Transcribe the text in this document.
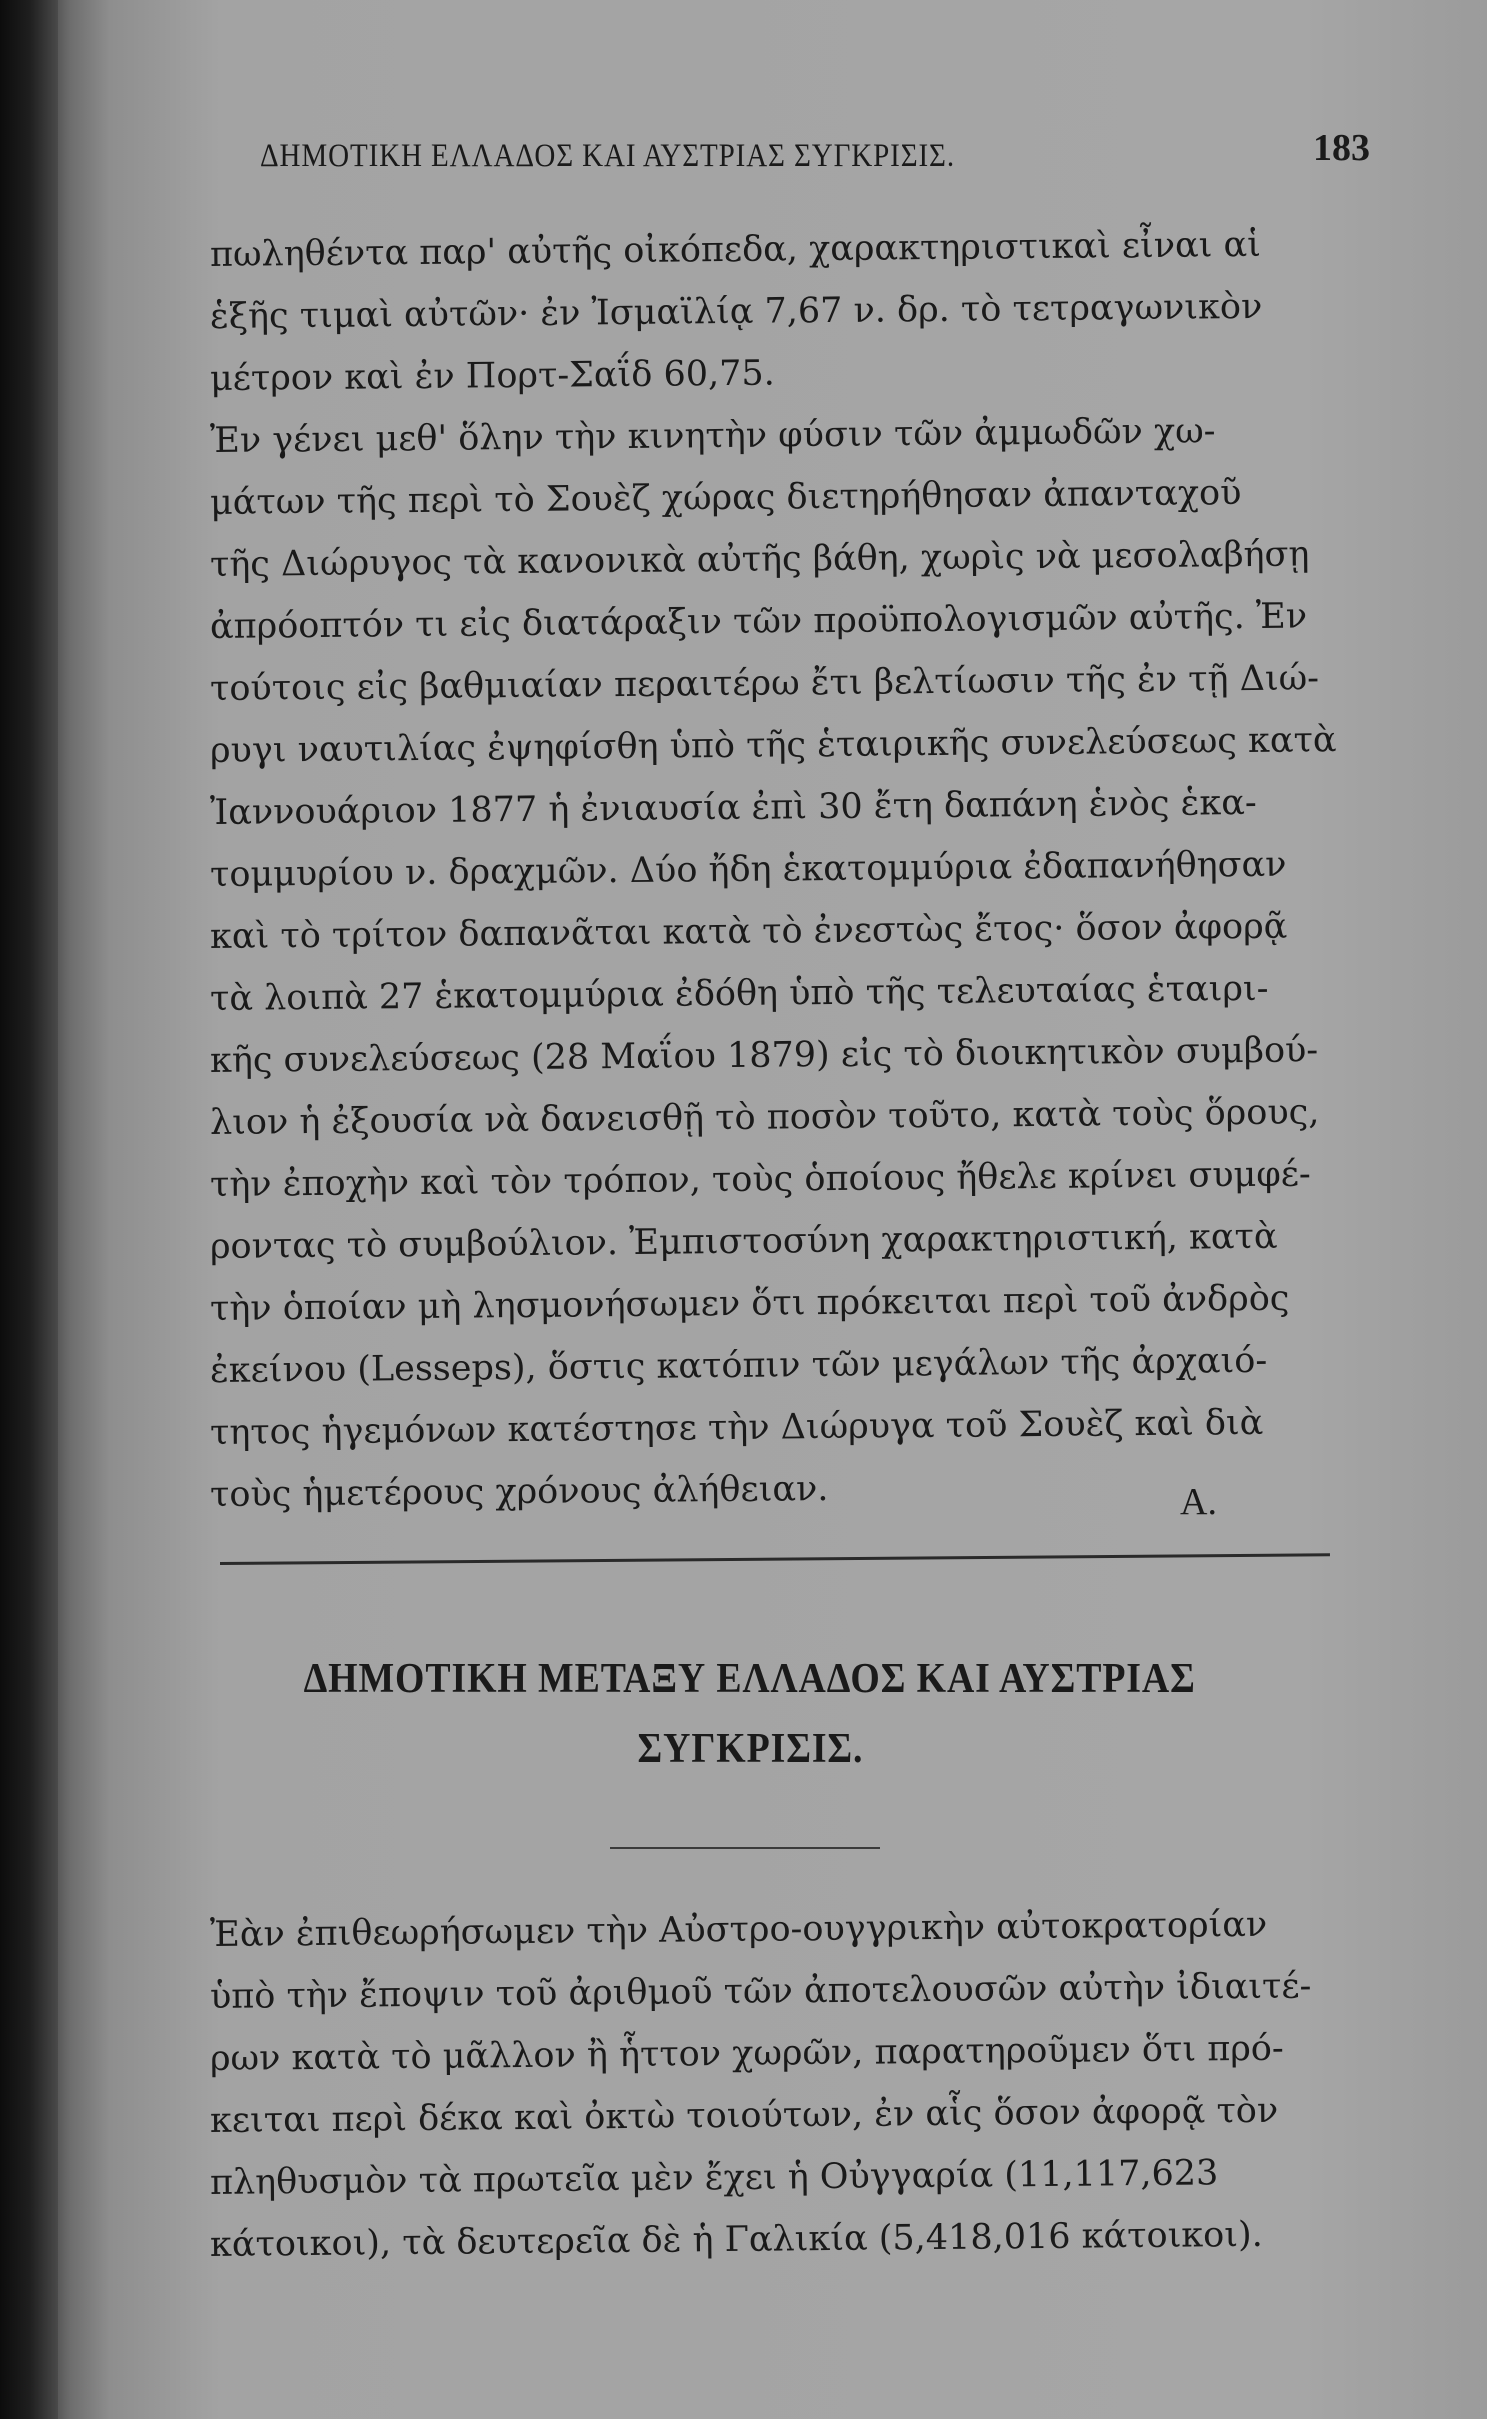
ΔΗΜΟΤΙΚΗ ΕΛΛΑΔΟΣ ΚΑΙ ΑΥΣΤΡΙΑΣ ΣΥΓΚΡΙΣΙΣ.	183
πωληθέντα παρ' αὐτῆς οἰκόπεδα, χαρακτηριστικαὶ εἶναι αἱ
ἑξῆς τιμαὶ αὐτῶν· ἐν Ἰσμαϊλίᾳ 7,67 ν. δρ. τὸ τετραγωνικὸν
μέτρον καὶ ἐν Πορτ-Σαΐδ 60,75.
Ἐν γένει μεθ' ὅλην τὴν κινητὴν φύσιν τῶν ἀμμωδῶν χω-
μάτων τῆς περὶ τὸ Σουὲζ χώρας διετηρήθησαν ἀπανταχοῦ
τῆς Διώρυγος τὰ κανονικὰ αὐτῆς βάθη, χωρὶς νὰ μεσολαβήσῃ
ἀπρόοπτόν τι εἰς διατάραξιν τῶν προϋπολογισμῶν αὐτῆς. Ἐν
τούτοις εἰς βαθμιαίαν περαιτέρω ἔτι βελτίωσιν τῆς ἐν τῇ Διώ-
ρυγι ναυτιλίας ἐψηφίσθη ὑπὸ τῆς ἑταιρικῆς συνελεύσεως κατὰ
Ἰαννουάριον 1877 ἡ ἐνιαυσία ἐπὶ 30 ἔτη δαπάνη ἑνὸς ἑκα-
τομμυρίου ν. δραχμῶν. Δύο ἤδη ἑκατομμύρια ἐδαπανήθησαν
καὶ τὸ τρίτον δαπανᾶται κατὰ τὸ ἐνεστὼς ἔτος· ὅσον ἀφορᾷ
τὰ λοιπὰ 27 ἑκατομμύρια ἐδόθη ὑπὸ τῆς τελευταίας ἑταιρι-
κῆς συνελεύσεως (28 Μαΐου 1879) εἰς τὸ διοικητικὸν συμβού-
λιον ἡ ἐξουσία νὰ δανεισθῇ τὸ ποσὸν τοῦτο, κατὰ τοὺς ὅρους,
τὴν ἐποχὴν καὶ τὸν τρόπον, τοὺς ὁποίους ἤθελε κρίνει συμφέ-
ροντας τὸ συμβούλιον. Ἐμπιστοσύνη χαρακτηριστική, κατὰ
τὴν ὁποίαν μὴ λησμονήσωμεν ὅτι πρόκειται περὶ τοῦ ἀνδρὸς
ἐκείνου (Lesseps), ὅστις κατόπιν τῶν μεγάλων τῆς ἀρχαιό-
τητος ἡγεμόνων κατέστησε τὴν Διώρυγα τοῦ Σουὲζ καὶ διὰ
τοὺς ἡμετέρους χρόνους ἀλήθειαν.	Α.
ΔΗΜΟΤΙΚΗ ΜΕΤΑΞΥ ΕΛΛΑΔΟΣ ΚΑΙ ΑΥΣΤΡΙΑΣ
ΣΥΓΚΡΙΣΙΣ.
Ἐὰν ἐπιθεωρήσωμεν τὴν Αὐστρο-ουγγρικὴν αὐτοκρατορίαν
ὑπὸ τὴν ἔποψιν τοῦ ἀριθμοῦ τῶν ἀποτελουσῶν αὐτὴν ἰδιαιτέ-
ρων κατὰ τὸ μᾶλλον ἢ ἧττον χωρῶν, παρατηροῦμεν ὅτι πρό-
κειται περὶ δέκα καὶ ὀκτὼ τοιούτων, ἐν αἷς ὅσον ἀφορᾷ τὸν
πληθυσμὸν τὰ πρωτεῖα μὲν ἔχει ἡ Οὐγγαρία (11,117,623
κάτοικοι), τὰ δευτερεῖα δὲ ἡ Γαλικία (5,418,016 κάτοικοι).
